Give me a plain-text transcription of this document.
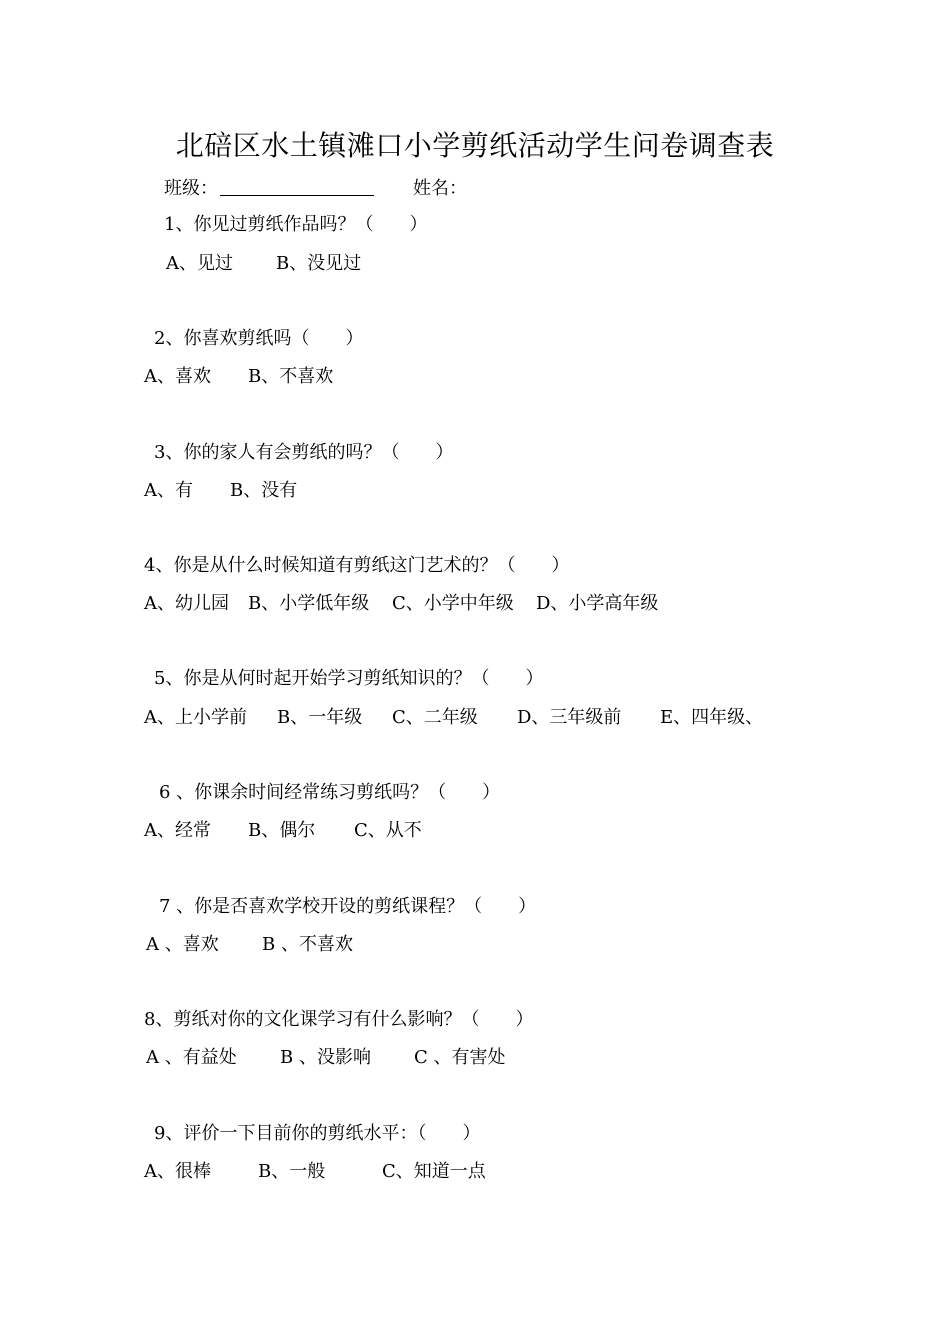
北碚区水土镇滩口小学剪纸活动学生问卷调查表
班级：	姓名：
1、你见过剪纸作品吗？（　　）
A、见过 B、没见过
2、你喜欢剪纸吗（　　）
A、喜欢 B、不喜欢
3、你的家人有会剪纸的吗？（　　）
A、有 B、没有
4、你是从什么时候知道有剪纸这门艺术的？（　　）
A、幼儿园 B、小学低年级 C、小学中年级 D、小学高年级
5、你是从何时起开始学习剪纸知识的？（　　）
A、上小学前 B、一年级 C、二年级 D、三年级前 E、四年级、
6 、你课余时间经常练习剪纸吗？（　　）
A、经常 B、偶尔 C、从不
7 、你是否喜欢学校开设的剪纸课程？（　　）
A 、喜欢 B 、不喜欢
8、剪纸对你的文化课学习有什么影响？（　　）
A 、有益处 B 、没影响 C 、有害处
9、评价一下目前你的剪纸水平：（　　）
A、很棒	B、一般	C、知道一点
